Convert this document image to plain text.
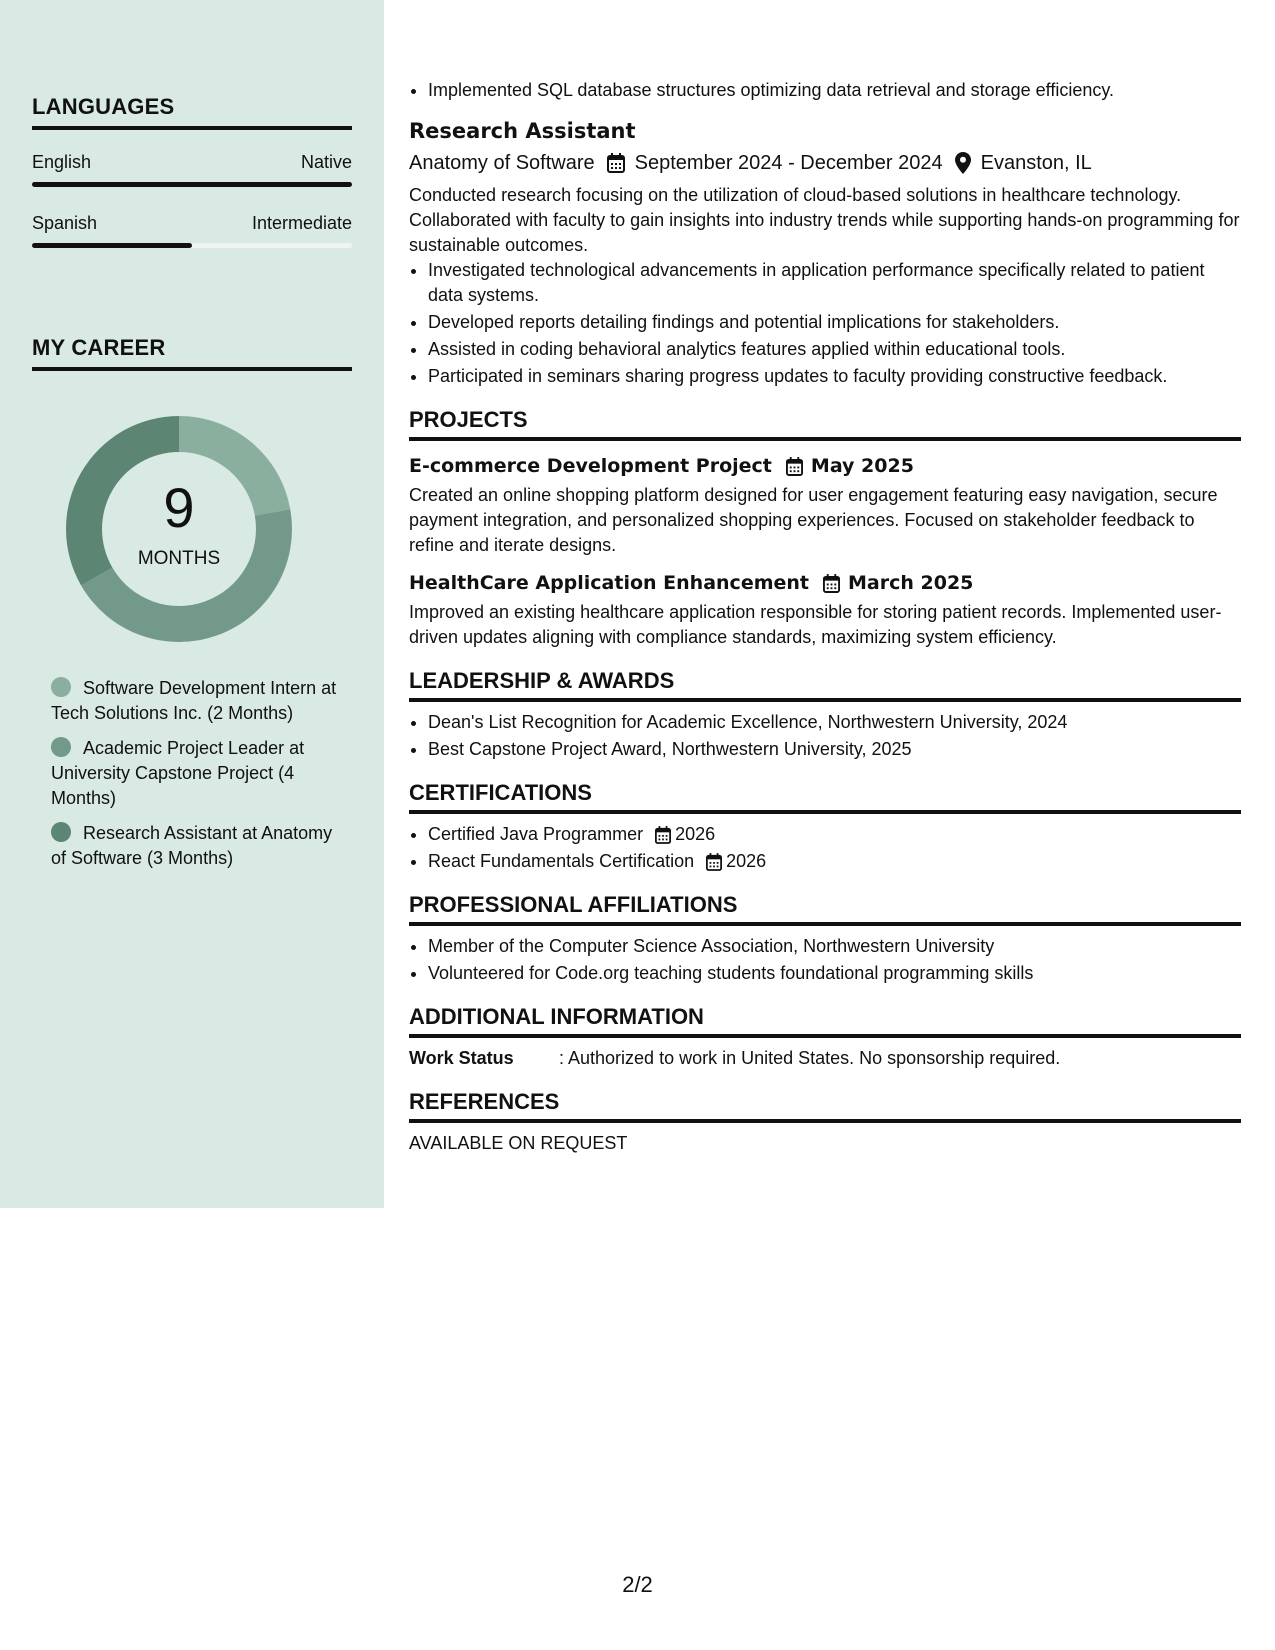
LANGUAGES
English	Native
Spanish	Intermediate
MY CAREER
9
MONTHS
Software Development Intern at Tech Solutions Inc. (2 Months)
Academic Project Leader at University Capstone Project (4 Months)
Research Assistant at Anatomy of Software (3 Months)
• Implemented SQL database structures optimizing data retrieval and storage efficiency.
Research Assistant
Anatomy of Software September 2024 - December 2024 Evanston, IL
Conducted research focusing on the utilization of cloud-based solutions in healthcare technology. Collaborated with faculty to gain insights into industry trends while supporting hands-on programming for sustainable outcomes.
• Investigated technological advancements in application performance specifically related to patient data systems.
• Developed reports detailing findings and potential implications for stakeholders.
• Assisted in coding behavioral analytics features applied within educational tools.
• Participated in seminars sharing progress updates to faculty providing constructive feedback.
PROJECTS
E-commerce Development Project May 2025
Created an online shopping platform designed for user engagement featuring easy navigation, secure payment integration, and personalized shopping experiences. Focused on stakeholder feedback to refine and iterate designs.
HealthCare Application Enhancement March 2025
Improved an existing healthcare application responsible for storing patient records. Implemented user-driven updates aligning with compliance standards, maximizing system efficiency.
LEADERSHIP & AWARDS
• Dean's List Recognition for Academic Excellence, Northwestern University, 2024
• Best Capstone Project Award, Northwestern University, 2025
CERTIFICATIONS
• Certified Java Programmer 2026
• React Fundamentals Certification 2026
PROFESSIONAL AFFILIATIONS
• Member of the Computer Science Association, Northwestern University
• Volunteered for Code.org teaching students foundational programming skills
ADDITIONAL INFORMATION
Work Status	: Authorized to work in United States. No sponsorship required.
REFERENCES
AVAILABLE ON REQUEST
2/2
